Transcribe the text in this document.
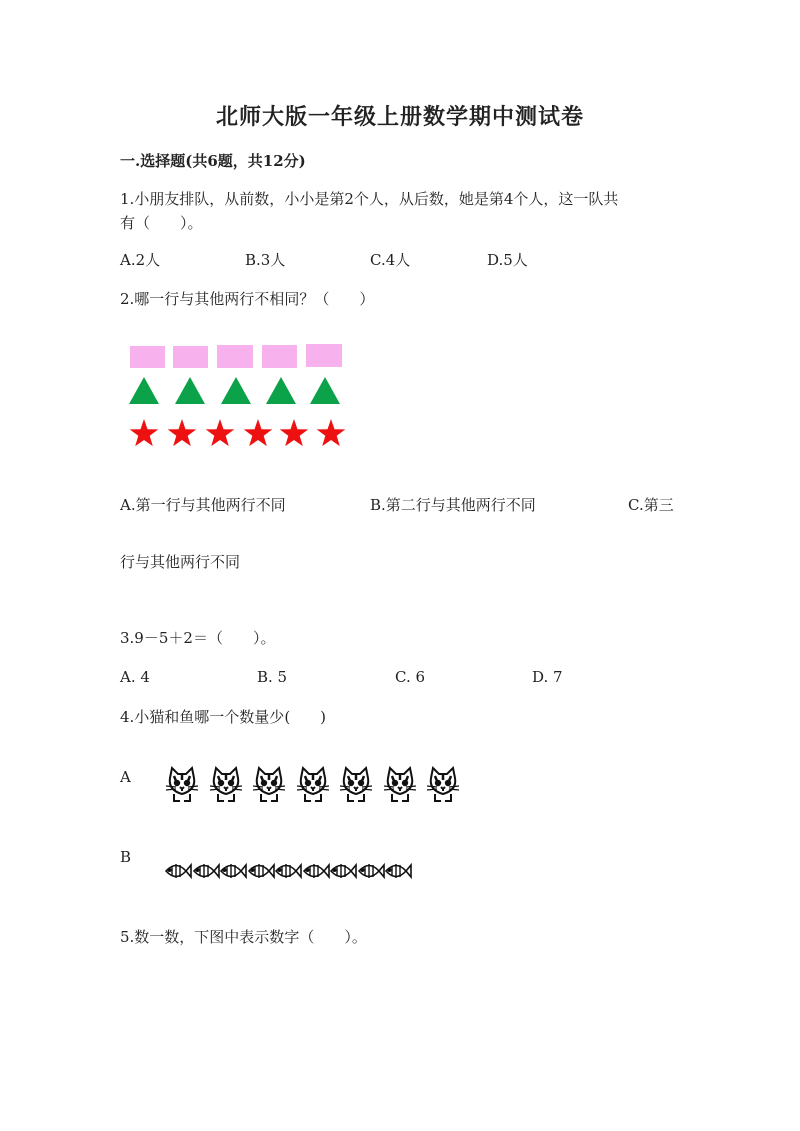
北师大版一年级上册数学期中测试卷
一.选择题(共6题，共12分)
1.小朋友排队，从前数，小小是第2个人，从后数，她是第4个人，这一队共
有（　　）。
A.2人	B.3人	C.4人	D.5人
2.哪一行与其他两行不相同？（　　）
A.第一行与其他两行不同	B.第二行与其他两行不同	C.第三
行与其他两行不同
3.9－5＋2＝（　　）。
A. 4	B. 5	C. 6	D. 7
4.小猫和鱼哪一个数量少(　　)
A
B
5.数一数，下图中表示数字（　　）。
